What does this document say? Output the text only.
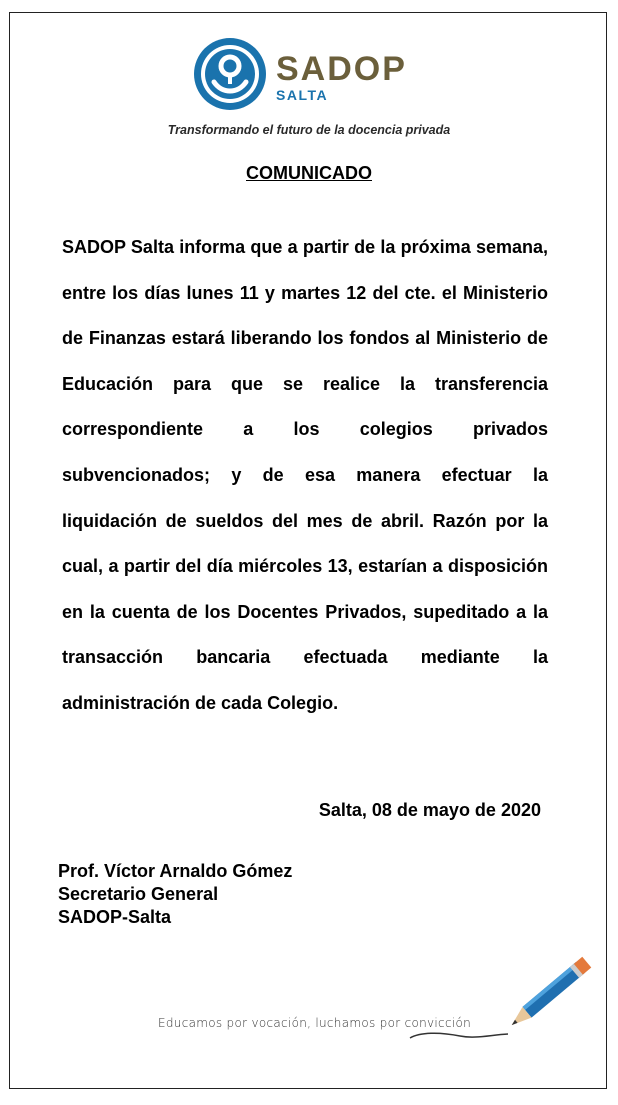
SADOP
SALTA
Transformando el futuro de la docencia privada
COMUNICADO

SADOP Salta informa que a partir de la próxima semana, entre los días lunes 11 y martes 12 del cte. el Ministerio de Finanzas estará liberando los fondos al Ministerio de Educación para que se realice la transferencia correspondiente a los colegios privados subvencionados; y de esa manera efectuar la liquidación de sueldos del mes de abril. Razón por la cual, a partir del día miércoles 13, estarían a disposición en la cuenta de los Docentes Privados, supeditado a la transacción bancaria efectuada mediante la administración de cada Colegio.

Salta, 08 de mayo de 2020
Prof. Víctor Arnaldo Gómez
Secretario General
SADOP-Salta
Educamos por vocación, luchamos por convicción
